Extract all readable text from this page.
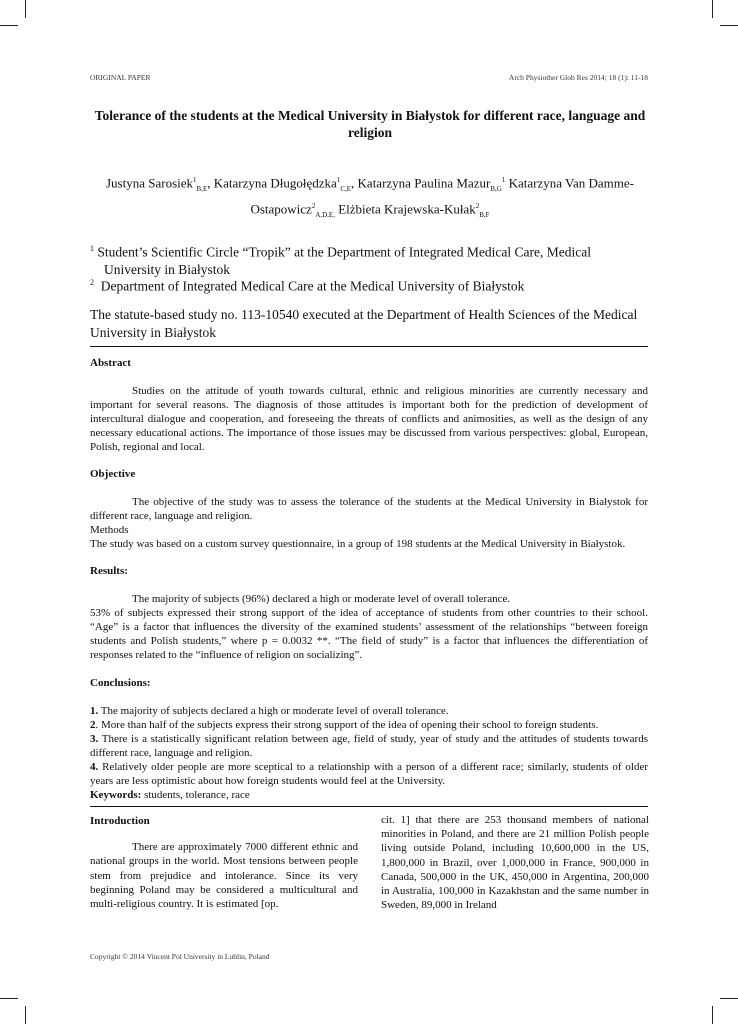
ORIGINAL PAPER	Arch Physiother Glob Res 2014; 18 (1): 11-18
Tolerance of the students at the Medical University in Białystok for different race, language and religion
Justyna Sarosiek$^1_{B,E}$, Katarzyna Długołędzka$^1_{C,E}$, Katarzyna Paulina Mazur$_{B,G}^1$ Katarzyna Van Damme-Ostapowicz$^2_{A,D,E,}$ Elżbieta Krajewska-Kułak$^2_{B,F}$
$^1$ Student’s Scientific Circle “Tropik” at the Department of Integrated Medical Care, Medical
University in Białystok
$^2$ Department of Integrated Medical Care at the Medical University of Białystok
The statute-based study no. 113-10540 executed at the Department of Health Sciences of the Medical University in Białystok
Abstract

Studies on the attitude of youth towards cultural, ethnic and religious minorities are currently necessary and important for several reasons. The diagnosis of those attitudes is important both for the prediction of development of intercultural dialogue and cooperation, and foreseeing the threats of conflicts and animosities, as well as the design of any necessary educational actions. The importance of those issues may be discussed from various perspectives: global, European, Polish, regional and local.

Objective

The objective of the study was to assess the tolerance of the students at the Medical University in Białystok for different race, language and religion.

Methods

The study was based on a custom survey questionnaire, in a group of 198 students at the Medical University in Białystok.

Results:

The majority of subjects (96%) declared a high or moderate level of overall tolerance.

53% of subjects expressed their strong support of the idea of acceptance of students from other countries to their school. “Age” is a factor that influences the diversity of the examined students’ assessment of the relationships “between foreign students and Polish students,” where p = 0.0032 **. “The field of study” is a factor that influences the differentiation of responses related to the “influence of religion on socializing”.

Conclusions:

1. The majority of subjects declared a high or moderate level of overall tolerance.

2. More than half of the subjects express their strong support of the idea of opening their school to foreign students.

3. There is a statistically significant relation between age, field of study, year of study and the attitudes of students towards different race, language and religion.

4. Relatively older people are more sceptical to a relationship with a person of a different race; similarly, students of older years are less optimistic about how foreign students would feel at the University.

Keywords: students, tolerance, race

Introduction

There are approximately 7000 different ethnic and national groups in the world. Most tensions between people stem from prejudice and intolerance. Since its very beginning Poland may be considered a multicultural and multi-religious country. It is estimated [op.

cit. 1] that there are 253 thousand members of national minorities in Poland, and there are 21 million Polish people living outside Poland, including 10,600,000 in the US, 1,800,000 in Brazil, over 1,000,000 in France, 900,000 in Canada, 500,000 in the UK, 450,000 in Argentina, 200,000 in Australia, 100,000 in Kazakhstan and the same number in Sweden, 89,000 in Ireland

Copyright © 2014 Vincent Pol University in Lublin, Poland
